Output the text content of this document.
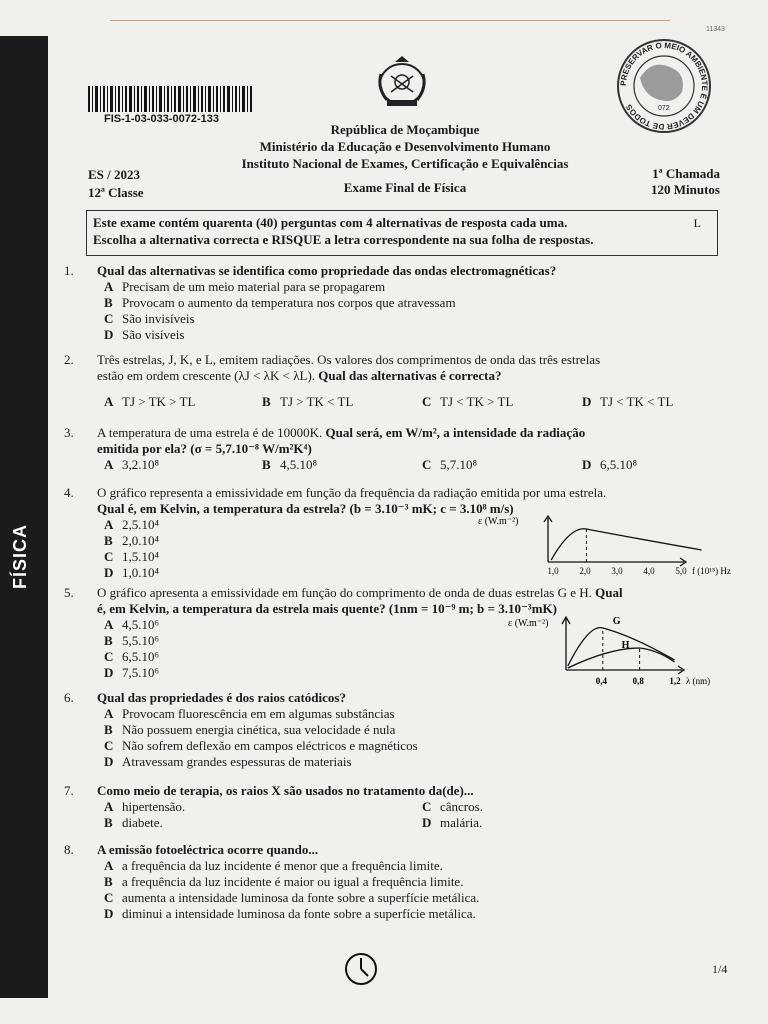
FÍSICA
11343
FIS-1-03-033-0072-133
PRESERVAR O MEIO AMBIENTE É UM DEVER DE TODOS	072
República de Moçambique
Ministério da Educação e Desenvolvimento Humano
Instituto Nacional de Exames, Certificação e Equivalências
Exame Final de Física
ES / 2023
12ª Classe
1ª Chamada
120 Minutos
Este exame contém quarenta (40) perguntas com 4 alternativas de resposta cada uma.
Escolha a alternativa correcta e RISQUE a letra correspondente na sua folha de respostas.
L
1.	Qual das alternativas se identifica como propriedade das ondas electromagnéticas?
A Precisam de um meio material para se propagarem
B Provocam o aumento da temperatura nos corpos que atravessam
C São invisíveis
D São visíveis
2.	Três estrelas, J, K, e L, emitem radiações. Os valores dos comprimentos de onda das três estrelas
estão em ordem crescente (λJ < λK < λL). Qual das alternativas é correcta?
A TJ > TK > TL	B TJ > TK < TL	C TJ < TK > TL	D TJ < TK < TL
3.	A temperatura de uma estrela é de 10000K. Qual será, em W/m², a intensidade da radiação
emitida por ela? (σ = 5,7.10⁻⁸ W/m²K⁴)
A 3,2.10⁸	B 4,5.10⁸	C 5,7.10⁸	D 6,5.10⁸
4.	O gráfico representa a emissividade em função da frequência da radiação emitida por uma estrela.
Qual é, em Kelvin, a temperatura da estrela? (b = 3.10⁻³ mK; c = 3.10⁸ m/s)
A 2,5.10⁴
B 2,0.10⁴
C 1,5.10⁴
D 1,0.10⁴
ε (W.m⁻²)
1,0 2,0 3,0 4,0 5,0 f (10¹⁵) Hz
5.	O gráfico apresenta a emissividade em função do comprimento de onda de duas estrelas G e H. Qual
é, em Kelvin, a temperatura da estrela mais quente? (1nm = 10⁻⁹ m; b = 3.10⁻³mK)
A 4,5.10⁶
B 5,5.10⁶
C 6,5.10⁶
D 7,5.10⁶
ε (W.m⁻²)
0,4	0,8	1,2
G
H
λ (nm)
6.	Qual das propriedades é dos raios catódicos?
A Provocam fluorescência em em algumas substâncias
B Não possuem energia cinética, sua velocidade é nula
C Não sofrem deflexão em campos eléctricos e magnéticos
D Atravessam grandes espessuras de materiais
7.	Como meio de terapia, os raios X são usados no tratamento da(de)...
A hipertensão.
B diabete.
C câncros.
D malária.
8.	A emissão fotoeléctrica ocorre quando...
A a frequência da luz incidente é menor que a frequência limite.
B a frequência da luz incidente é maior ou igual a frequência limite.
C aumenta a intensidade luminosa da fonte sobre a superfície metálica.
D diminui a intensidade luminosa da fonte sobre a superfície metálica.
1/4
